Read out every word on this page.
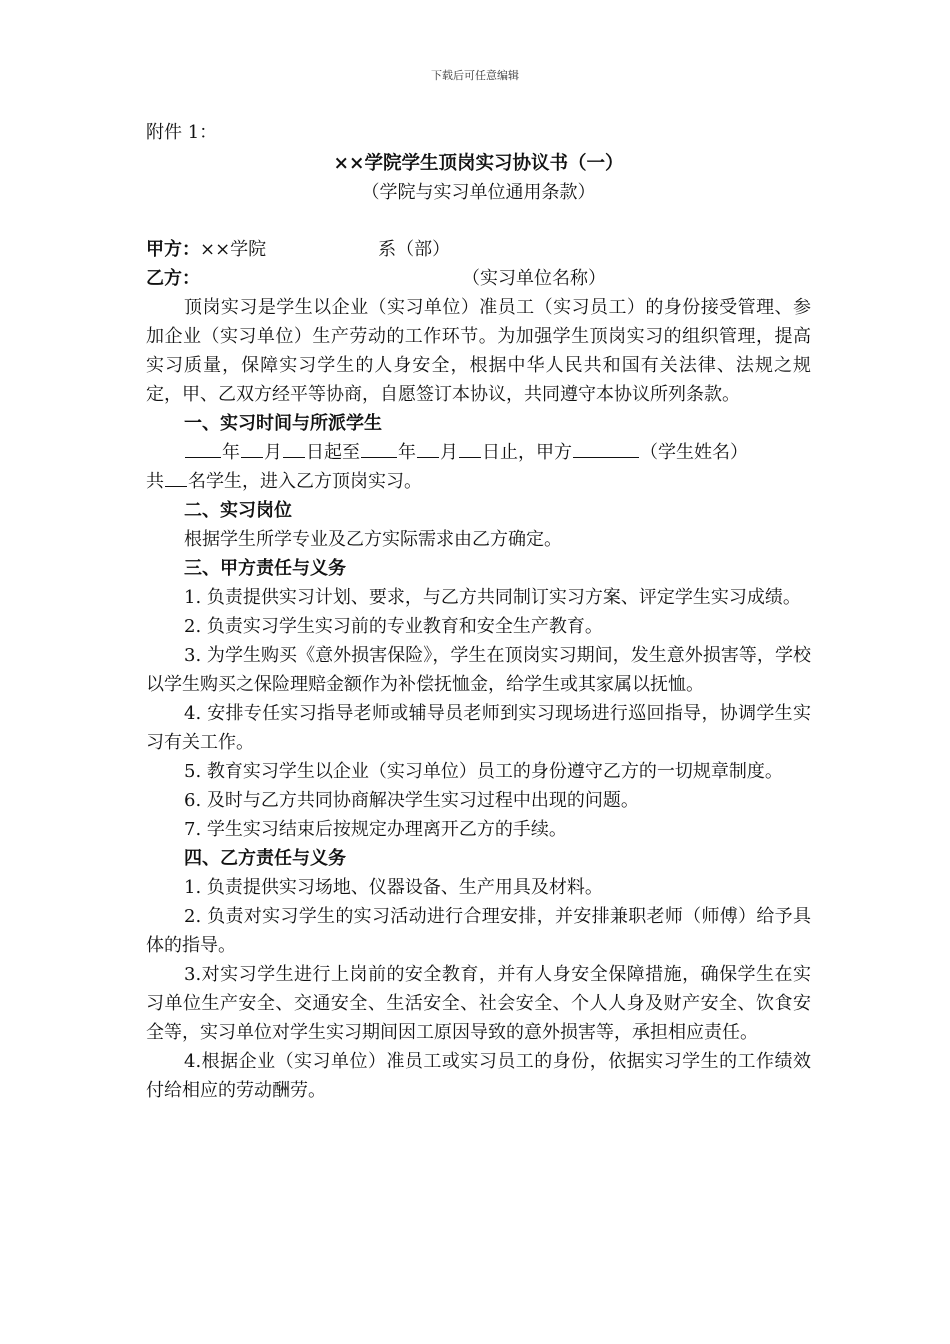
下载后可任意编辑
附件 1：
××学院学生顶岗实习协议书（一）
（学院与实习单位通用条款）
甲方：××学院	系（部）
乙方：	（实习单位名称）
顶岗实习是学生以企业（实习单位）准员工（实习员工）的身份接受管理、参加企业（实习单位）生产劳动的工作环节。为加强学生顶岗实习的组织管理，提高实习质量，保障实习学生的人身安全，根据中华人民共和国有关法律、法规之规定，甲、乙双方经平等协商，自愿签订本协议，共同遵守本协议所列条款。
一、实习时间与所派学生
年 月 日起至 年 月 日止，甲方	（学生姓名）
共 名学生，进入乙方顶岗实习。
二、实习岗位
根据学生所学专业及乙方实际需求由乙方确定。
三、甲方责任与义务
1. 负责提供实习计划、要求，与乙方共同制订实习方案、评定学生实习成绩。
2. 负责实习学生实习前的专业教育和安全生产教育。
3. 为学生购买《意外损害保险》，学生在顶岗实习期间，发生意外损害等，学校以学生购买之保险理赔金额作为补偿抚恤金，给学生或其家属以抚恤。
4. 安排专任实习指导老师或辅导员老师到实习现场进行巡回指导，协调学生实习有关工作。
5. 教育实习学生以企业（实习单位）员工的身份遵守乙方的一切规章制度。
6. 及时与乙方共同协商解决学生实习过程中出现的问题。
7. 学生实习结束后按规定办理离开乙方的手续。
四、乙方责任与义务
1. 负责提供实习场地、仪器设备、生产用具及材料。
2. 负责对实习学生的实习活动进行合理安排，并安排兼职老师（师傅）给予具体的指导。
3.对实习学生进行上岗前的安全教育，并有人身安全保障措施，确保学生在实习单位生产安全、交通安全、生活安全、社会安全、个人人身及财产安全、饮食安全等，实习单位对学生实习期间因工原因导致的意外损害等，承担相应责任。
4.根据企业（实习单位）准员工或实习员工的身份，依据实习学生的工作绩效付给相应的劳动酬劳。
